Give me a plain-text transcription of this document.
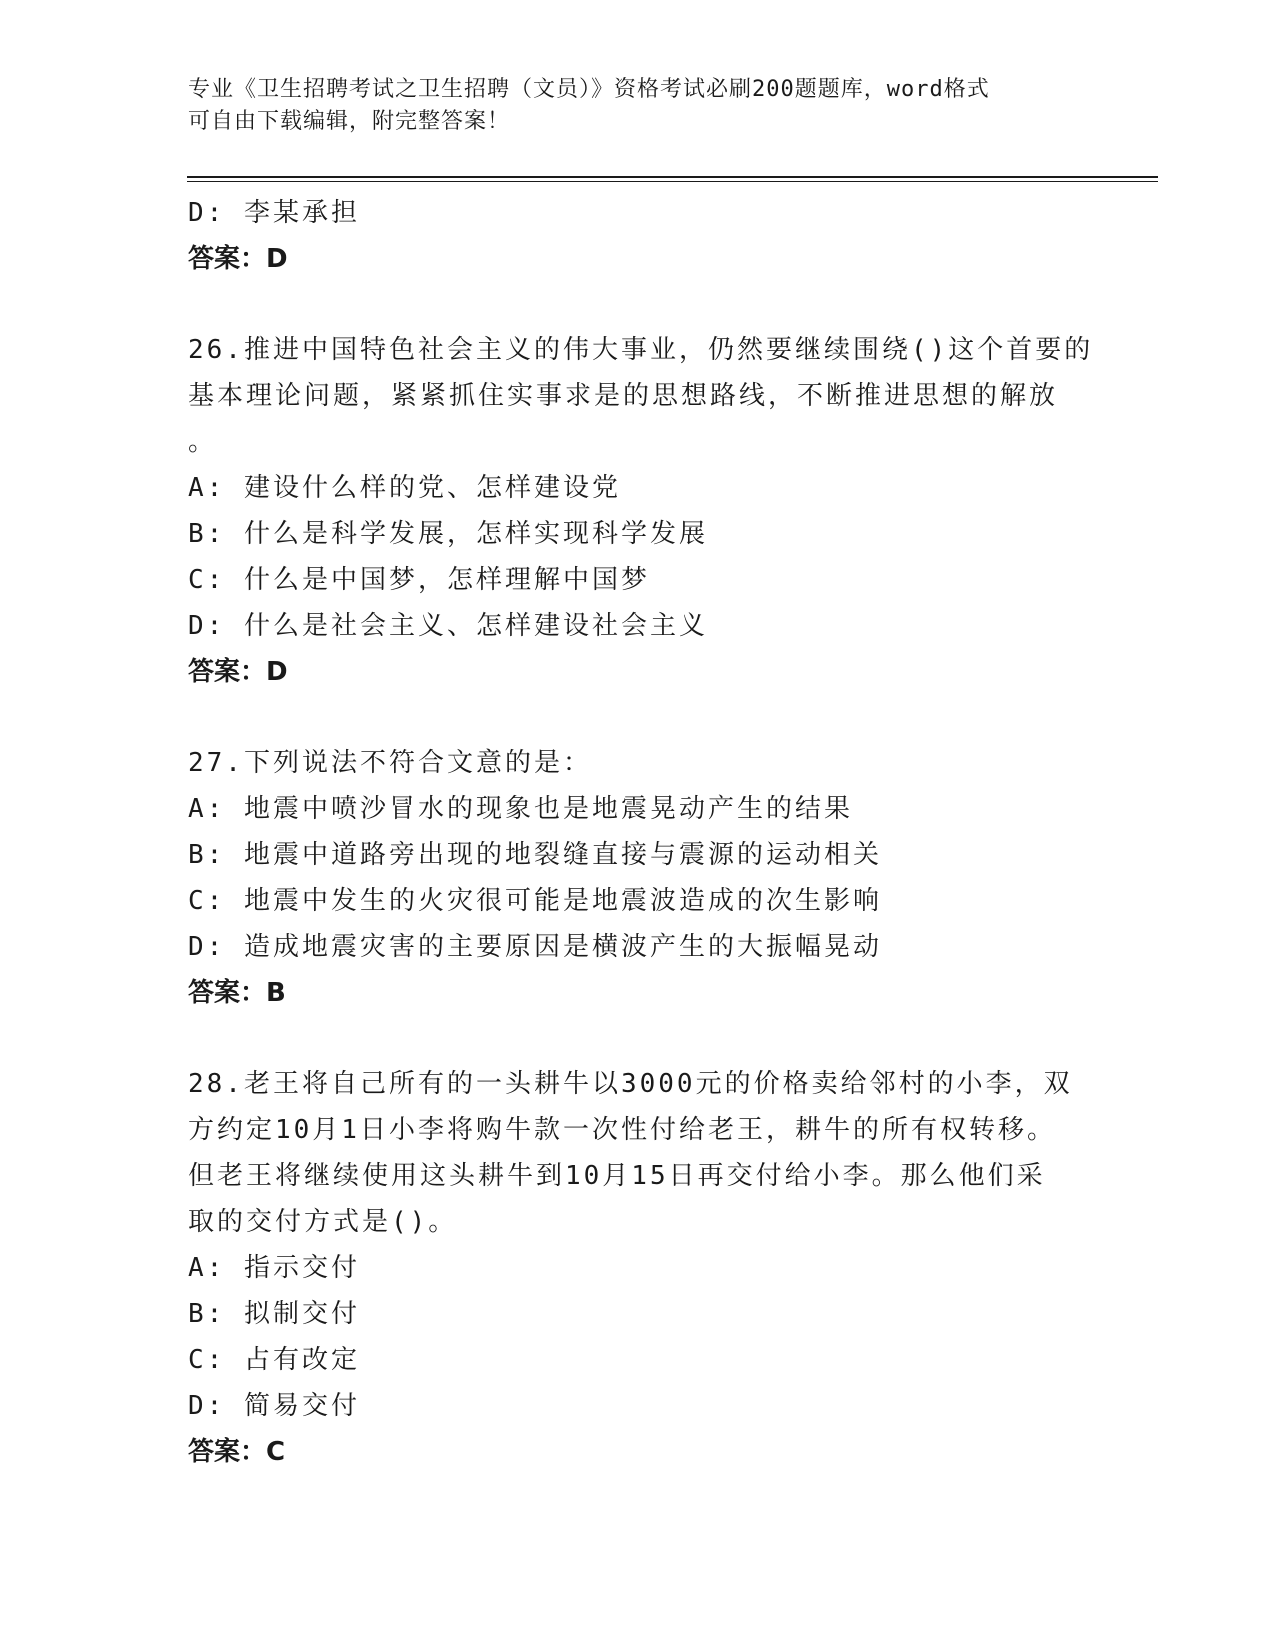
专业《卫生招聘考试之卫生招聘（文员）》资格考试必刷200题题库，word格式
可自由下载编辑，附完整答案！
D: 李某承担
答案：D
26.推进中国特色社会主义的伟大事业，仍然要继续围绕()这个首要的
基本理论问题，紧紧抓住实事求是的思想路线，不断推进思想的解放
。
A: 建设什么样的党、怎样建设党
B: 什么是科学发展，怎样实现科学发展
C: 什么是中国梦，怎样理解中国梦
D: 什么是社会主义、怎样建设社会主义
答案：D
27.下列说法不符合文意的是：
A: 地震中喷沙冒水的现象也是地震晃动产生的结果
B: 地震中道路旁出现的地裂缝直接与震源的运动相关
C: 地震中发生的火灾很可能是地震波造成的次生影响
D: 造成地震灾害的主要原因是横波产生的大振幅晃动
答案：B
28.老王将自己所有的一头耕牛以3000元的价格卖给邻村的小李，双
方约定10月1日小李将购牛款一次性付给老王，耕牛的所有权转移。
但老王将继续使用这头耕牛到10月15日再交付给小李。那么他们采
取的交付方式是()。
A: 指示交付
B: 拟制交付
C: 占有改定
D: 简易交付
答案：C
